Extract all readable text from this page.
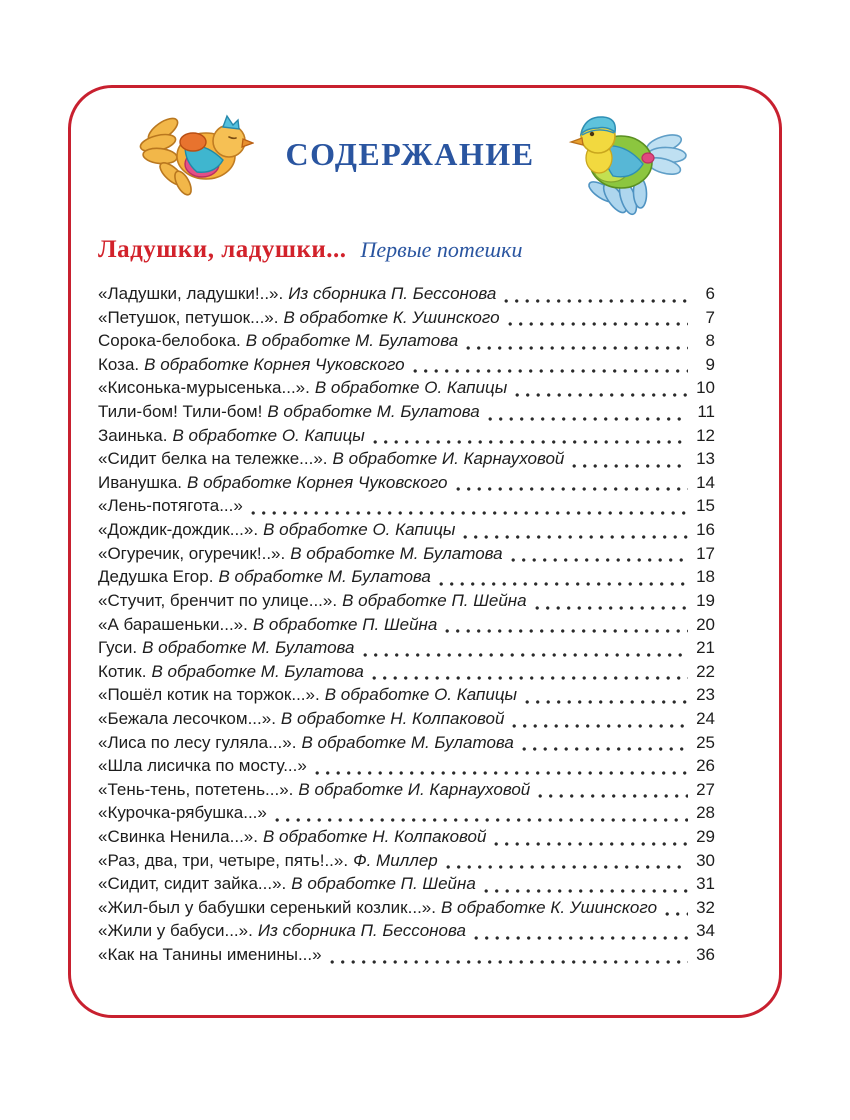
СОДЕРЖАНИЕ
Ладушки, ладушки... Первые потешки
«Ладушки, ладушки!..». Из сборника П. Бессонова	6
«Петушок, петушок...». В обработке К. Ушинского	7
Сорока-белобока. В обработке М. Булатова	8
Коза. В обработке Корнея Чуковского	9
«Кисонька-мурысенька...». В обработке О. Капицы	10
Тили-бом! Тили-бом! В обработке М. Булатова	11
Заинька. В обработке О. Капицы	12
«Сидит белка на тележке...». В обработке И. Карнауховой	13
Иванушка. В обработке Корнея Чуковского	14
«Лень-потягота...»	15
«Дождик-дождик...». В обработке О. Капицы	16
«Огуречик, огуречик!..». В обработке М. Булатова	17
Дедушка Егор. В обработке М. Булатова	18
«Стучит, бренчит по улице...». В обработке П. Шейна	19
«А барашеньки...». В обработке П. Шейна	20
Гуси. В обработке М. Булатова	21
Котик. В обработке М. Булатова	22
«Пошёл котик на торжок...». В обработке О. Капицы	23
«Бежала лесочком...». В обработке Н. Колпаковой	24
«Лиса по лесу гуляла...». В обработке М. Булатова	25
«Шла лисичка по мосту...»	26
«Тень-тень, потетень...». В обработке И. Карнауховой	27
«Курочка-рябушка...»	28
«Свинка Ненила...». В обработке Н. Колпаковой	29
«Раз, два, три, четыре, пять!..». Ф. Миллер	30
«Сидит, сидит зайка...». В обработке П. Шейна	31
«Жил-был у бабушки серенький козлик...». В обработке К. Ушинского 32
«Жили у бабуси...». Из сборника П. Бессонова	34
«Как на Танины именины...»	36
